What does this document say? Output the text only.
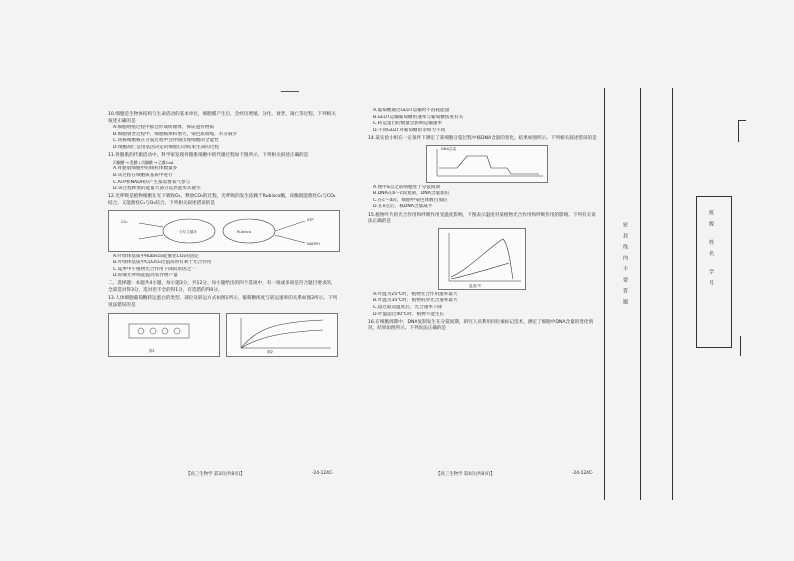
10.细胞是生物体结构与生命活动的基本单位，细胞膜产生后，会经历增殖、分化、衰老、凋亡等过程。下列相关叙述正确的是
A.细胞增殖过程中都会形成纺锤体，保证遗传物质
B.细胞衰老过程中，细胞核体积增大，染色质收缩，水分减少
C.真核细胞核在分裂过程中会伴随出现细胞的全能性
D.细胞凋亡是由基因决定的细胞自动结束生命的过程
11.骨骼肌的代谢活动中，科学家发现骨骼肌细胞中的代谢过程如下图所示，下列相关叙述正确的是
丙酮酸 → 乳酸 / 丙酮酸 → 乙酰CoA
A.骨骼肌细胞中的线粒体数量多
B.该过程在细胞质基质中进行
C.ATP和NADH的产生都需要氧气参与
D.该过程释放的能量大部分以热能形式散失
12.光呼吸是植物细胞在光下吸收O₂、释放CO₂的过程，光呼吸的发生依赖于Rubisco酶，该酶既能催化C₅与CO₂结合，又能催化C₅与O₂结合。下列相关叙述错误的是
CO₂
卡尔文循环	Rubisco
ATP
NADPH
A.叶绿体基质中Rubisco能催化CO₂的固定
B.叶绿体基质中CO₂/O₂比值高时有利于光合作用
C.夏季中午植物光合作用下降的原因之一
D.抑制光呼吸能提高农作物产量
二、选择题：本题共4小题，每小题3分，共12分。每小题给出的四个选项中，有一项或多项是符合题目要求的，全部选对得3分，选对但不全的得1分，有选错的得0分。
13.人体细胞葡萄糖转运蛋白的类型、部位及转运方式如图1所示，葡萄糖浓度与转运速率的关系如图2所示。下列说法错误的是
图1	图2
【高三生物学 第3页(共8页)】	·24-124C·
A.葡萄糖通过GLUT运输时不消耗能量
B.GLUT运输葡萄糖的速率与葡萄糖浓度有关
C.转运蛋白的数量会影响运输速率
D.不同GLUT对葡萄糖的亲和力不同
14.某实验小组在一定条件下测定了某细胞分裂过程中核DNA含量的变化，结果如图所示。下列相关叙述错误的是
DNA含量
A.图中a点之前细胞处于分裂间期
B.DNA在b～c段复制，DNA含量加倍
C.在c～d段，细胞中染色体数目加倍
D.在e点后，核DNA含量减半
15.植物叶片的光合作用和呼吸作用受温度影响，下图表示温度对某植物光合作用和呼吸作用的影响。下列有关说法正确的是
温度/℃
A.叶温为25℃时，植物光合作用速率最大
B.叶温为35℃时，植物的净光合速率最大
C.超过最适温度后，光合速率下降
D.叶温超过40℃时，植物不能生长
16.在细胞周期中，DNA复制发生在分裂间期，研究人员利用同位素标记技术，测定了细胞中DNA含量的变化情况，结果如图所示。下列说法正确的是
【高三生物学 第4页(共8页)】	·24-124C·
密封线内不要答题	班级 姓名 学号
